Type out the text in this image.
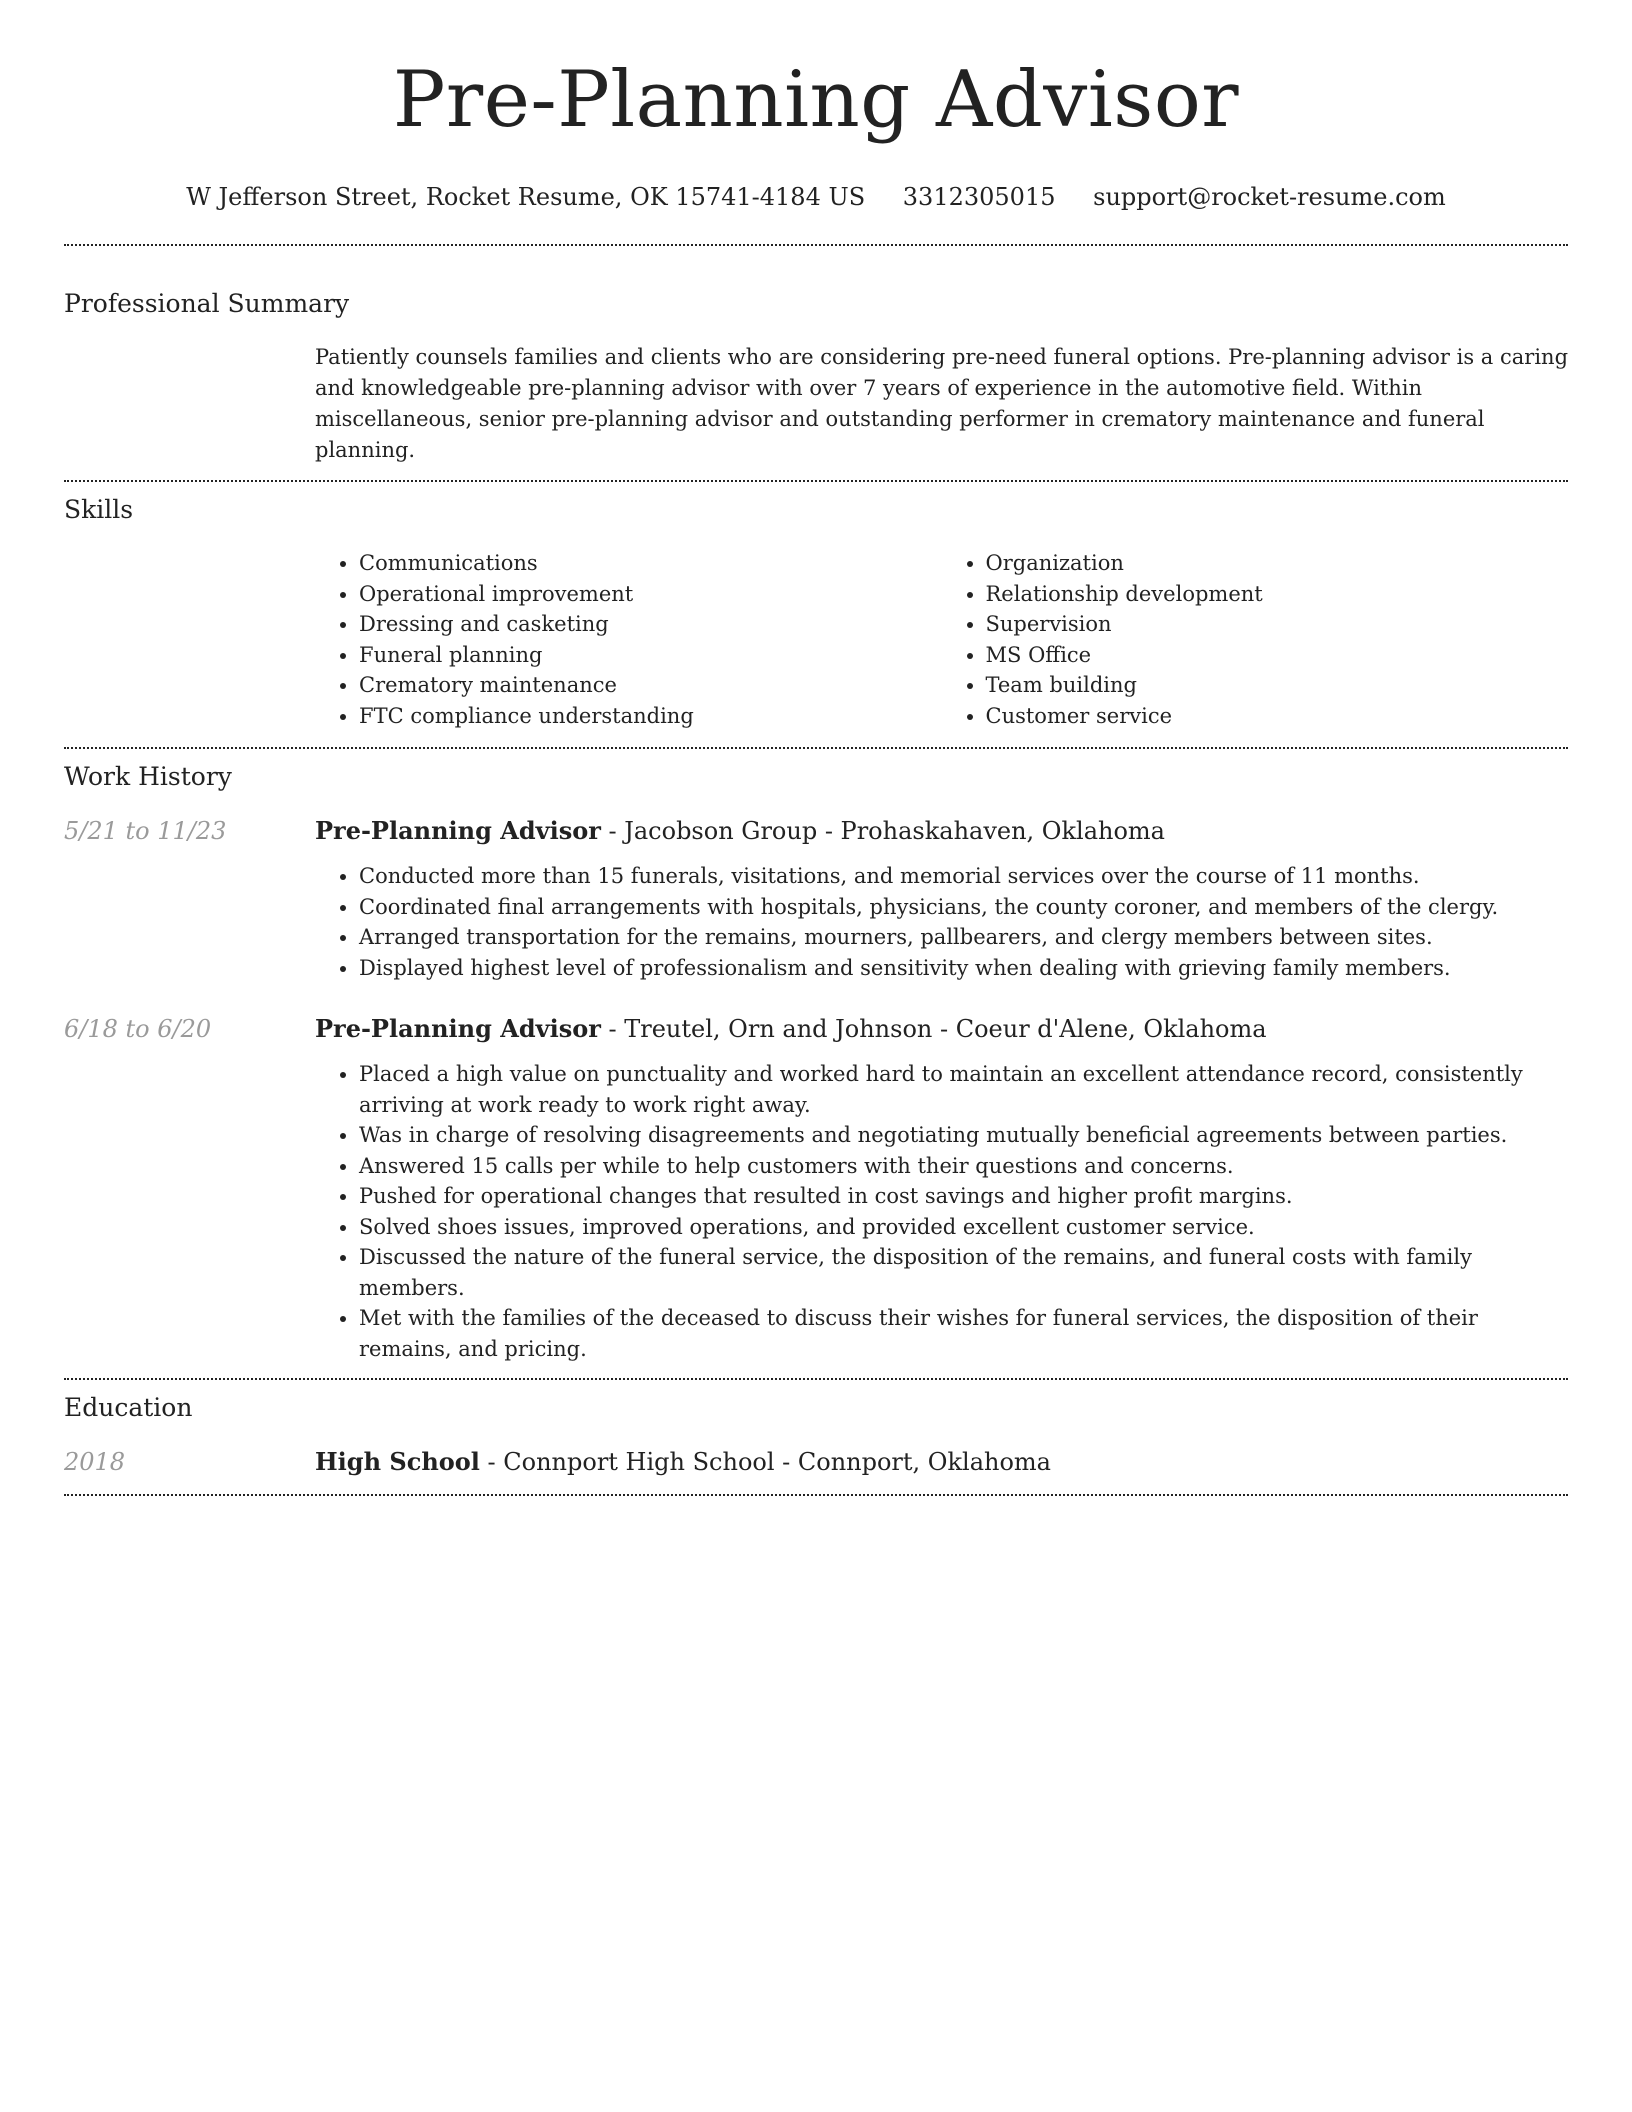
Pre-Planning Advisor
W Jefferson Street, Rocket Resume, OK 15741-4184 US 3312305015 support@rocket-resume.com
Professional Summary
Patiently counsels families and clients who are considering pre-need funeral options. Pre-planning advisor is a caring and knowledgeable pre-planning advisor with over 7 years of experience in the automotive field. Within miscellaneous, senior pre-planning advisor and outstanding performer in crematory maintenance and funeral planning.
Skills
• Communications
• Operational improvement
• Dressing and casketing
• Funeral planning
• Crematory maintenance
• FTC compliance understanding
• Organization
• Relationship development
• Supervision
• MS Office
• Team building
• Customer service
Work History
5/21 to 11/23	Pre-Planning Advisor - Jacobson Group - Prohaskahaven, Oklahoma
• Conducted more than 15 funerals, visitations, and memorial services over the course of 11 months.
• Coordinated final arrangements with hospitals, physicians, the county coroner, and members of the clergy.
• Arranged transportation for the remains, mourners, pallbearers, and clergy members between sites.
• Displayed highest level of professionalism and sensitivity when dealing with grieving family members.
6/18 to 6/20	Pre-Planning Advisor - Treutel, Orn and Johnson - Coeur d'Alene, Oklahoma
• Placed a high value on punctuality and worked hard to maintain an excellent attendance record, consistently arriving at work ready to work right away.
• Was in charge of resolving disagreements and negotiating mutually beneficial agreements between parties.
• Answered 15 calls per while to help customers with their questions and concerns.
• Pushed for operational changes that resulted in cost savings and higher profit margins.
• Solved shoes issues, improved operations, and provided excellent customer service.
• Discussed the nature of the funeral service, the disposition of the remains, and funeral costs with family members.
• Met with the families of the deceased to discuss their wishes for funeral services, the disposition of their remains, and pricing.
Education
2018	High School - Connport High School - Connport, Oklahoma
